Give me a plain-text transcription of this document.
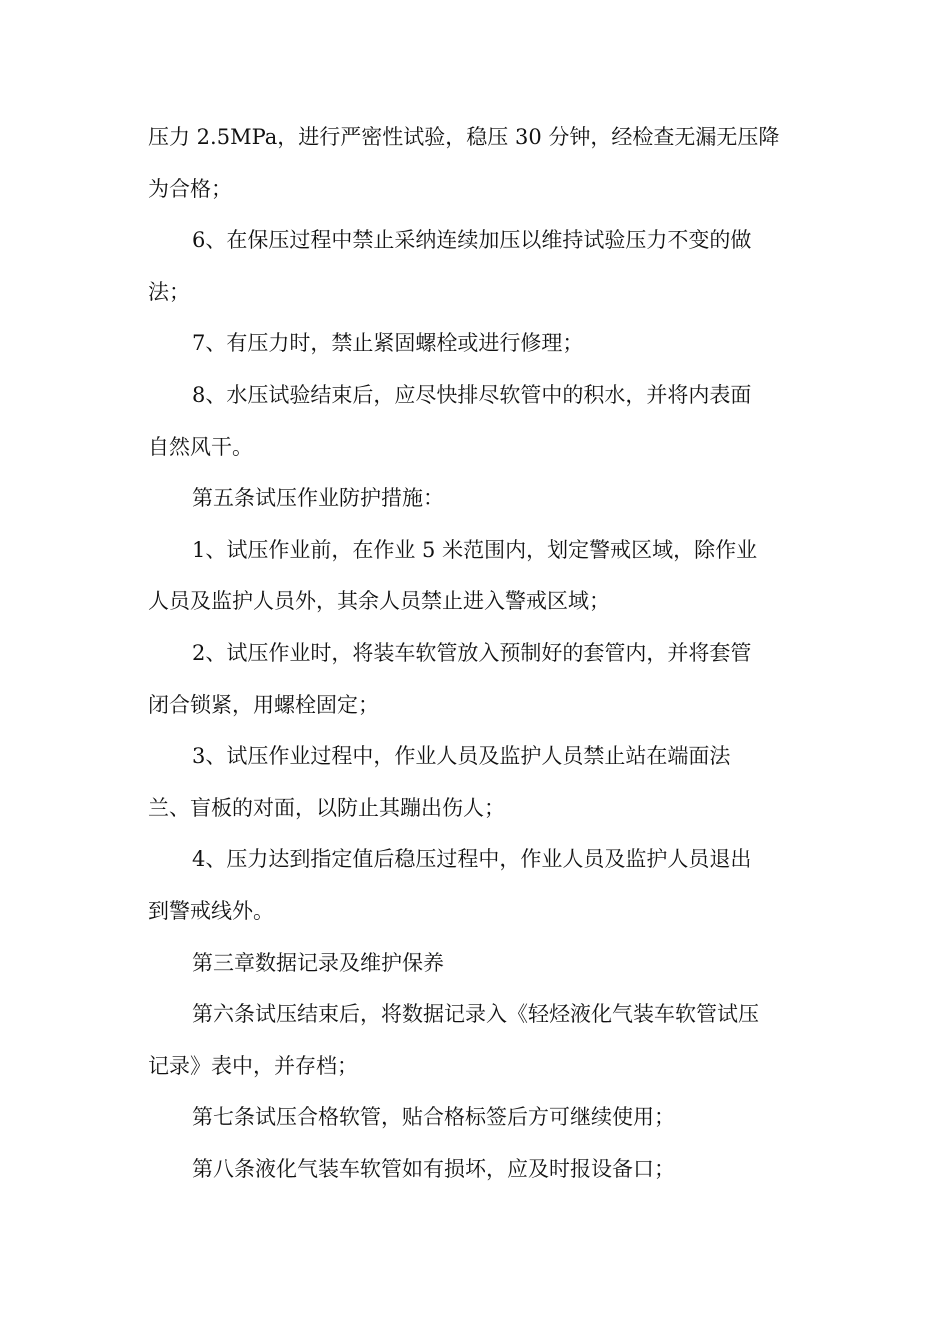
压力 2.5MPa，进行严密性试验，稳压 30 分钟，经检查无漏无压降
为合格；
6、在保压过程中禁止采纳连续加压以维持试验压力不变的做
法；
7、有压力时，禁止紧固螺栓或进行修理；
8、水压试验结束后，应尽快排尽软管中的积水，并将内表面
自然风干。
第五条试压作业防护措施：
1、试压作业前，在作业 5 米范围内，划定警戒区域，除作业
人员及监护人员外，其余人员禁止进入警戒区域；
2、试压作业时，将装车软管放入预制好的套管内，并将套管
闭合锁紧，用螺栓固定；
3、试压作业过程中，作业人员及监护人员禁止站在端面法
兰、盲板的对面，以防止其蹦出伤人；
4、压力达到指定值后稳压过程中，作业人员及监护人员退出
到警戒线外。
第三章数据记录及维护保养
第六条试压结束后，将数据记录入《轻烃液化气装车软管试压
记录》表中，并存档；
第七条试压合格软管，贴合格标签后方可继续使用；
第八条液化气装车软管如有损坏，应及时报设备口；
